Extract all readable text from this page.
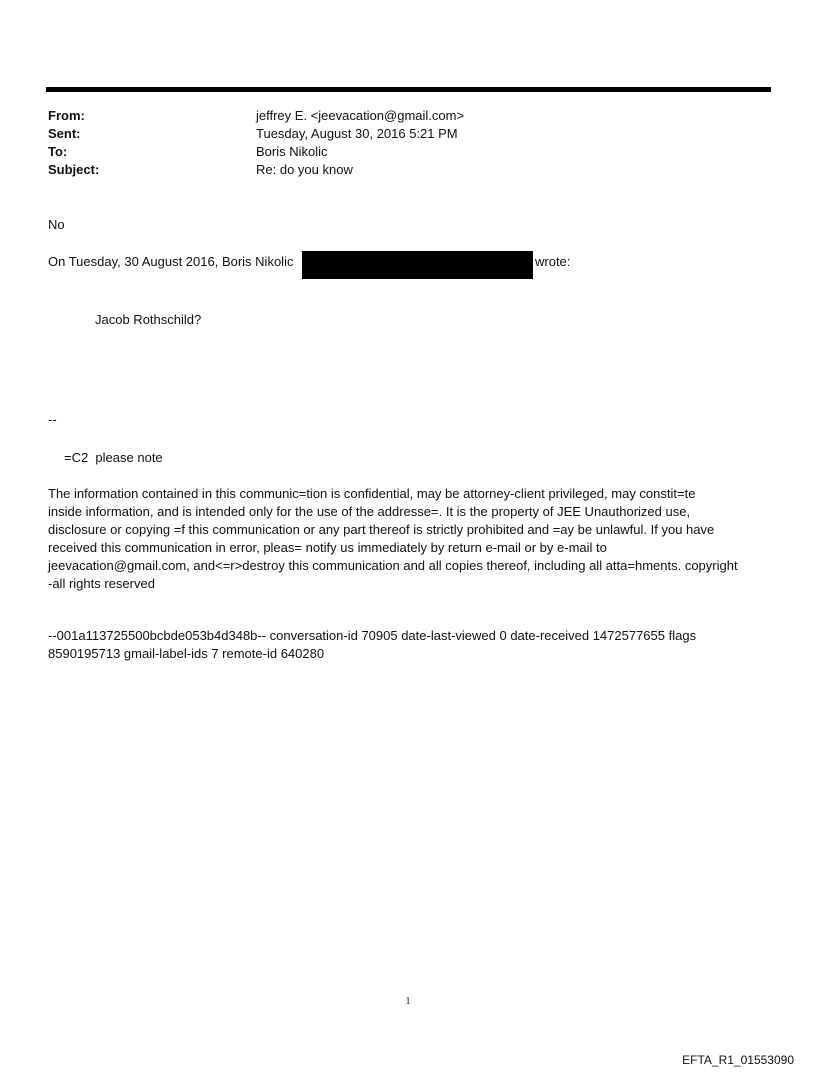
From:	jeffrey E. <jeevacation@gmail.com>
Sent:	Tuesday, August 30, 2016 5:21 PM
To:	Boris Nikolic
Subject:	Re: do you know
No
On Tuesday, 30 August 2016, Boris Nikolic	wrote:
Jacob Rothschild?
--
=C2  please note
The information contained in this communic=tion is confidential, may be attorney-client privileged, may constit=te
inside information, and is intended only for the use of the addresse=. It is the property of JEE Unauthorized use,
disclosure or copying =f this communication or any part thereof is strictly prohibited and =ay be unlawful. If you have
received this communication in error, pleas= notify us immediately by return e-mail or by e-mail to
jeevacation@gmail.com, and<=r>destroy this communication and all copies thereof, including all atta=hments. copyright
-all rights reserved
--001a113725500bcbde053b4d348b-- conversation-id 70905 date-last-viewed 0 date-received 1472577655 flags
8590195713 gmail-label-ids 7 remote-id 640280
1
EFTA_R1_01553090
